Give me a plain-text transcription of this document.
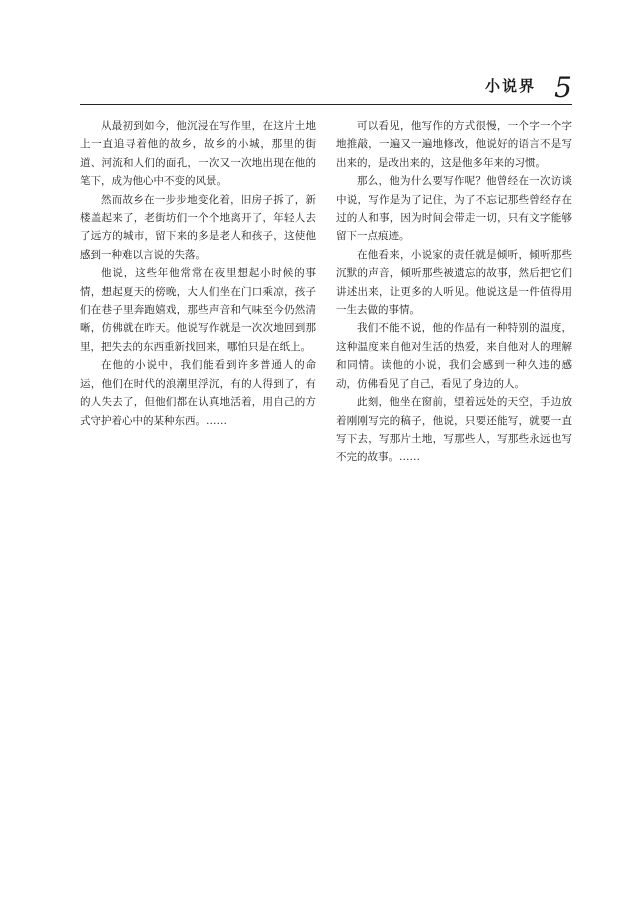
小说界 5

从最初到如今，他沉浸在写作里，在这片土地上一直追寻着他的故乡，故乡的小城，那里的街道、河流和人们的面孔，一次又一次地出现在他的笔下，成为他心中不变的风景。

然而故乡在一步步地变化着，旧房子拆了，新楼盖起来了，老街坊们一个个地离开了，年轻人去了远方的城市，留下来的多是老人和孩子，这使他感到一种难以言说的失落。

他说，这些年他常常在夜里想起小时候的事情，想起夏天的傍晚，大人们坐在门口乘凉，孩子们在巷子里奔跑嬉戏，那些声音和气味至今仍然清晰，仿佛就在昨天。他说写作就是一次次地回到那里，把失去的东西重新找回来，哪怕只是在纸上。

在他的小说中，我们能看到许多普通人的命运，他们在时代的浪潮里浮沉，有的人得到了，有的人失去了，但他们都在认真地活着，用自己的方式守护着心中的某种东西。……

可以看见，他写作的方式很慢，一个字一个字地推敲，一遍又一遍地修改，他说好的语言不是写出来的，是改出来的，这是他多年来的习惯。

那么，他为什么要写作呢？他曾经在一次访谈中说，写作是为了记住，为了不忘记那些曾经存在过的人和事，因为时间会带走一切，只有文字能够留下一点痕迹。

在他看来，小说家的责任就是倾听，倾听那些沉默的声音，倾听那些被遗忘的故事，然后把它们讲述出来，让更多的人听见。他说这是一件值得用一生去做的事情。

我们不能不说，他的作品有一种特别的温度，这种温度来自他对生活的热爱，来自他对人的理解和同情。读他的小说，我们会感到一种久违的感动，仿佛看见了自己，看见了身边的人。

此刻，他坐在窗前，望着远处的天空，手边放着刚刚写完的稿子，他说，只要还能写，就要一直写下去，写那片土地，写那些人，写那些永远也写不完的故事。……
